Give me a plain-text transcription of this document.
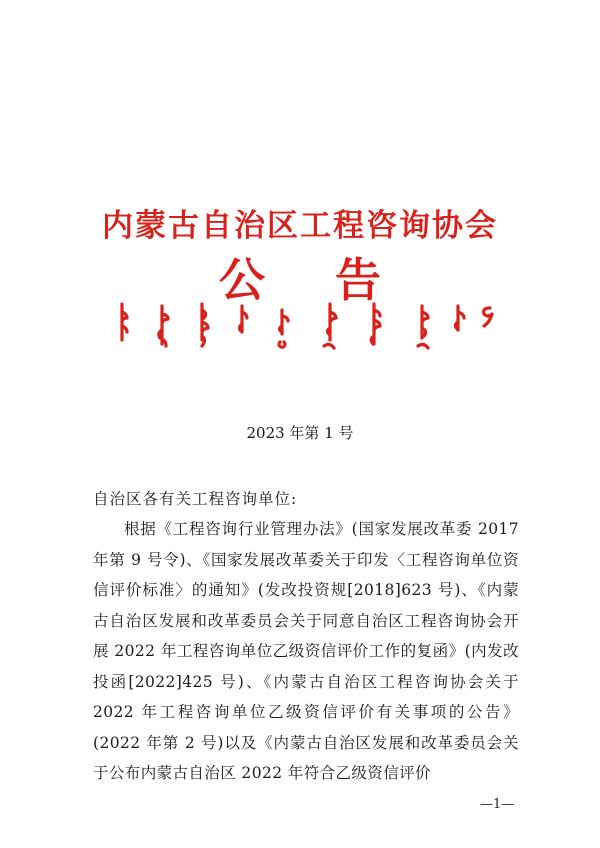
内蒙古自治区工程咨询协会
公告
2023 年第 1 号
自治区各有关工程咨询单位:
根据《工程咨询行业管理办法》(国家发展改革委 2017 年第 9 号令)、《国家发展改革委关于印发〈工程咨询单位资信评价标准〉的通知》(发改投资规[2018]623 号)、《内蒙古自治区发展和改革委员会关于同意自治区工程咨询协会开展 2022 年工程咨询单位乙级资信评价工作的复函》(内发改投函[2022]425 号)、《内蒙古自治区工程咨询协会关于 2022 年工程咨询单位乙级资信评价有关事项的公告》(2022 年第 2 号)以及《内蒙古自治区发展和改革委员会关于公布内蒙古自治区 2022 年符合乙级资信评价
—1—
